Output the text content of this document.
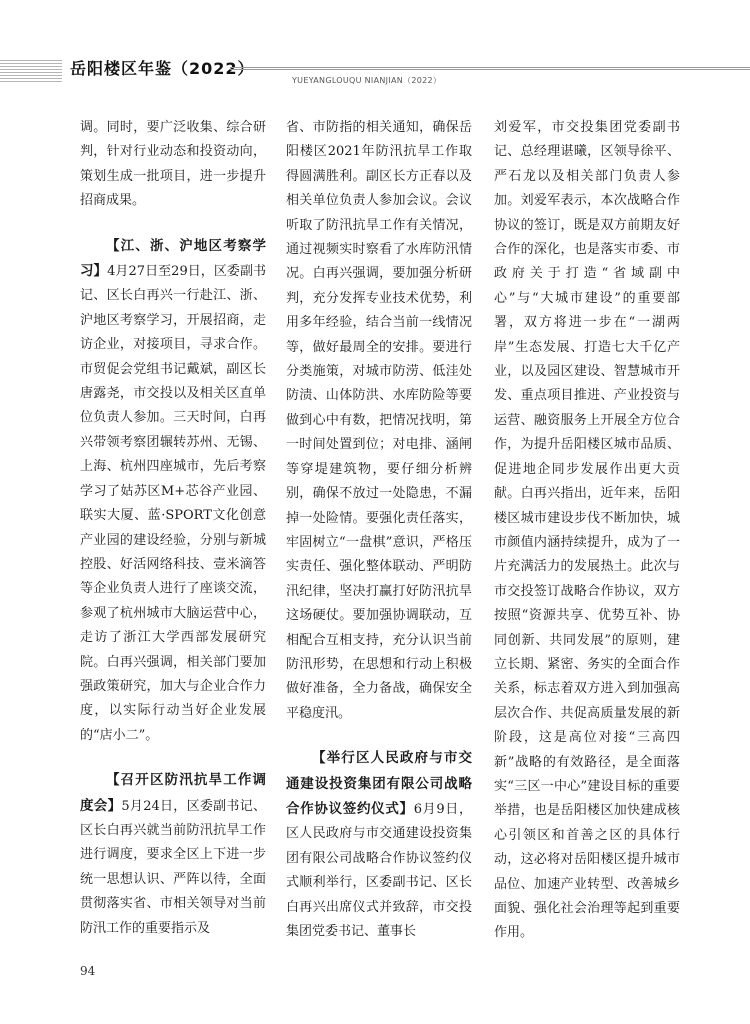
岳阳楼区年鉴（2022）
YUEYANGLOUQU NIANJIAN（2022）

调。同时，要广泛收集、综合研判，针对行业动态和投资动向，策划生成一批项目，进一步提升招商成果。

【江、浙、沪地区考察学习】4月27日至29日，区委副书记、区长白再兴一行赴江、浙、沪地区考察学习，开展招商，走访企业，对接项目，寻求合作。市贸促会党组书记戴斌，副区长唐露尧，市交投以及相关区直单位负责人参加。三天时间，白再兴带领考察团辗转苏州、无锡、上海、杭州四座城市，先后考察学习了姑苏区M+芯谷产业园、联实大厦、蓝·SPORT文化创意产业园的建设经验，分别与新城控股、好活网络科技、壹米滴答等企业负责人进行了座谈交流，参观了杭州城市大脑运营中心，走访了浙江大学西部发展研究院。白再兴强调，相关部门要加强政策研究，加大与企业合作力度，以实际行动当好企业发展的“店小二”。

【召开区防汛抗旱工作调度会】5月24日，区委副书记、区长白再兴就当前防汛抗旱工作进行调度，要求全区上下进一步统一思想认识、严阵以待，全面贯彻落实省、市相关领导对当前防汛工作的重要指示及

省、市防指的相关通知，确保岳阳楼区2021年防汛抗旱工作取得圆满胜利。副区长方正春以及相关单位负责人参加会议。会议听取了防汛抗旱工作有关情况，通过视频实时察看了水库防汛情况。白再兴强调，要加强分析研判，充分发挥专业技术优势，利用多年经验，结合当前一线情况等，做好最周全的安排。要进行分类施策，对城市防涝、低洼处防渍、山体防洪、水库防险等要做到心中有数，把情况找明，第一时间处置到位；对电排、涵闸等穿堤建筑物，要仔细分析辨别，确保不放过一处隐患，不漏掉一处险情。要强化责任落实，牢固树立“一盘棋”意识，严格压实责任、强化整体联动、严明防汛纪律，坚决打赢打好防汛抗旱这场硬仗。要加强协调联动，互相配合互相支持，充分认识当前防汛形势，在思想和行动上积极做好准备，全力备战，确保安全平稳度汛。

【举行区人民政府与市交通建设投资集团有限公司战略合作协议签约仪式】6月9日，区人民政府与市交通建设投资集团有限公司战略合作协议签约仪式顺利举行，区委副书记、区长白再兴出席仪式并致辞，市交投集团党委书记、董事长

刘爱军，市交投集团党委副书记、总经理谌曦，区领导徐平、严石龙以及相关部门负责人参加。刘爱军表示，本次战略合作协议的签订，既是双方前期友好合作的深化，也是落实市委、市政府关于打造“省域副中心”与“大城市建设”的重要部署，双方将进一步在“一湖两岸”生态发展、打造七大千亿产业，以及园区建设、智慧城市开发、重点项目推进、产业投资与运营、融资服务上开展全方位合作，为提升岳阳楼区城市品质、促进地企同步发展作出更大贡献。白再兴指出，近年来，岳阳楼区城市建设步伐不断加快，城市颜值内涵持续提升，成为了一片充满活力的发展热土。此次与市交投签订战略合作协议，双方按照“资源共享、优势互补、协同创新、共同发展”的原则，建立长期、紧密、务实的全面合作关系，标志着双方进入到加强高层次合作、共促高质量发展的新阶段，这是高位对接“三高四新”战略的有效路径，是全面落实“三区一中心”建设目标的重要举措，也是岳阳楼区加快建成核心引领区和首善之区的具体行动，这必将对岳阳楼区提升城市品位、加速产业转型、改善城乡面貌、强化社会治理等起到重要作用。

94
